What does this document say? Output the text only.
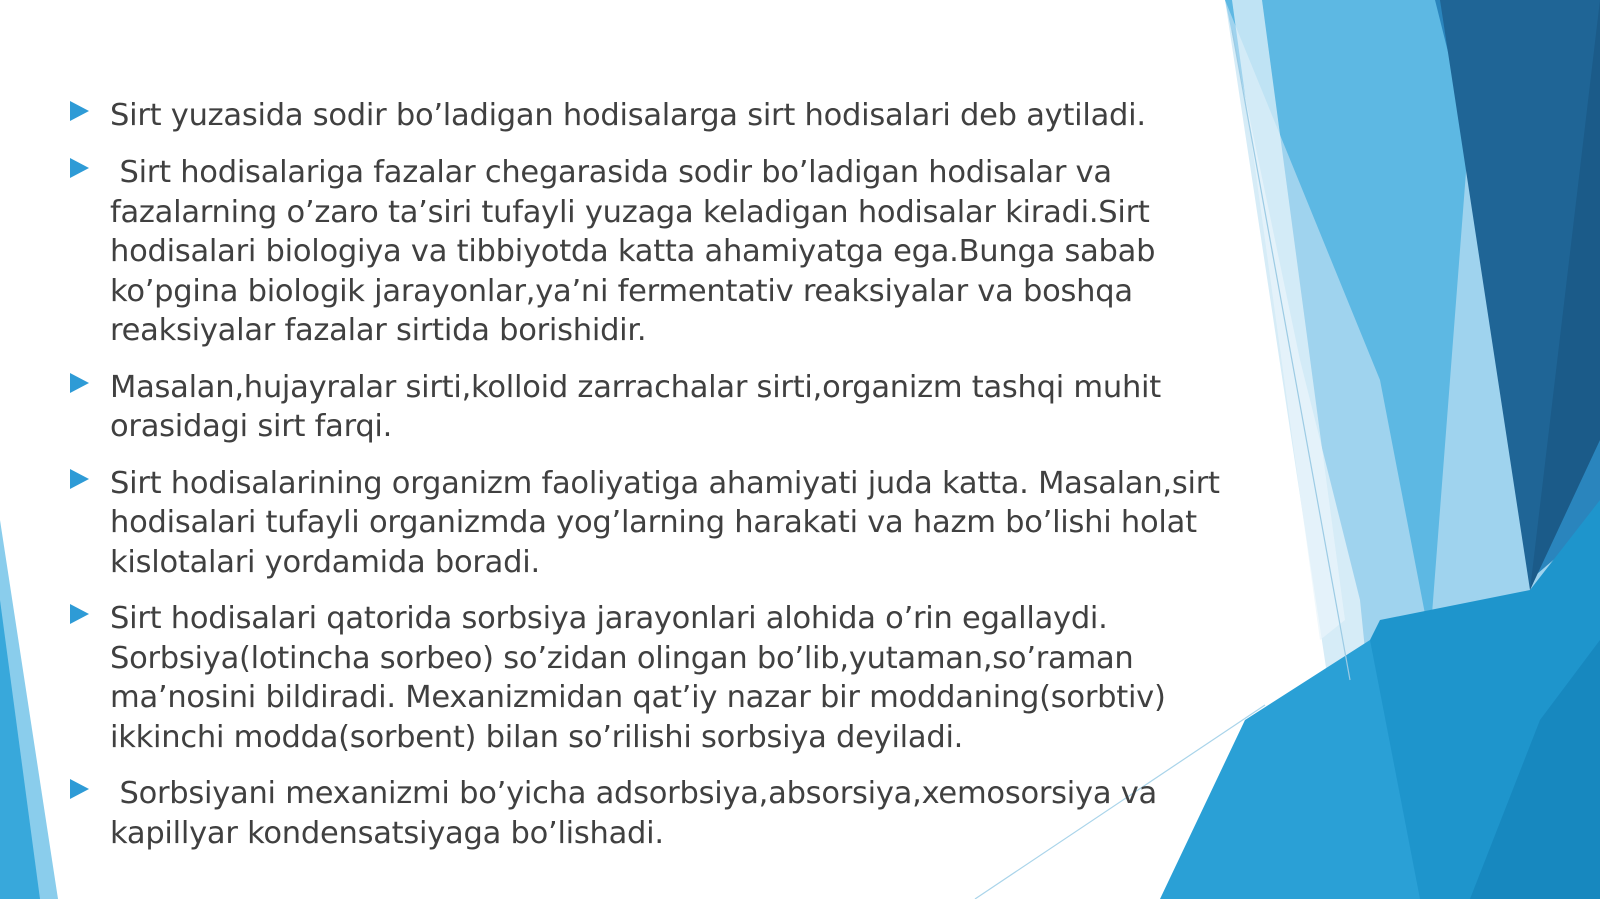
Sirt yuzasida sodir bo’ladigan hodisalarga sirt hodisalari deb aytiladi.
Sirt hodisalariga fazalar chegarasida sodir bo’ladigan hodisalar va fazalarning o’zaro ta’siri tufayli yuzaga keladigan hodisalar kiradi.Sirt hodisalari biologiya va tibbiyotda katta ahamiyatga ega.Bunga sabab ko’pgina biologik jarayonlar,ya’ni fermentativ reaksiyalar va boshqa reaksiyalar fazalar sirtida borishidir.
Masalan,hujayralar sirti,kolloid zarrachalar sirti,organizm tashqi muhit orasidagi sirt farqi.
Sirt hodisalarining organizm faoliyatiga ahamiyati juda katta. Masalan,sirt hodisalari tufayli organizmda yog’larning harakati va hazm bo’lishi holat kislotalari yordamida boradi.
Sirt hodisalari qatorida sorbsiya jarayonlari alohida o’rin egallaydi. Sorbsiya(lotincha sorbeo) so’zidan olingan bo’lib,yutaman,so’raman ma’nosini bildiradi. Mexanizmidan qat’iy nazar bir moddaning(sorbtiv) ikkinchi modda(sorbent) bilan so’rilishi sorbsiya deyiladi.
Sorbsiyani mexanizmi bo’yicha adsorbsiya,absorsiya,xemosorsiya va kapillyar kondensatsiyaga bo’lishadi.
